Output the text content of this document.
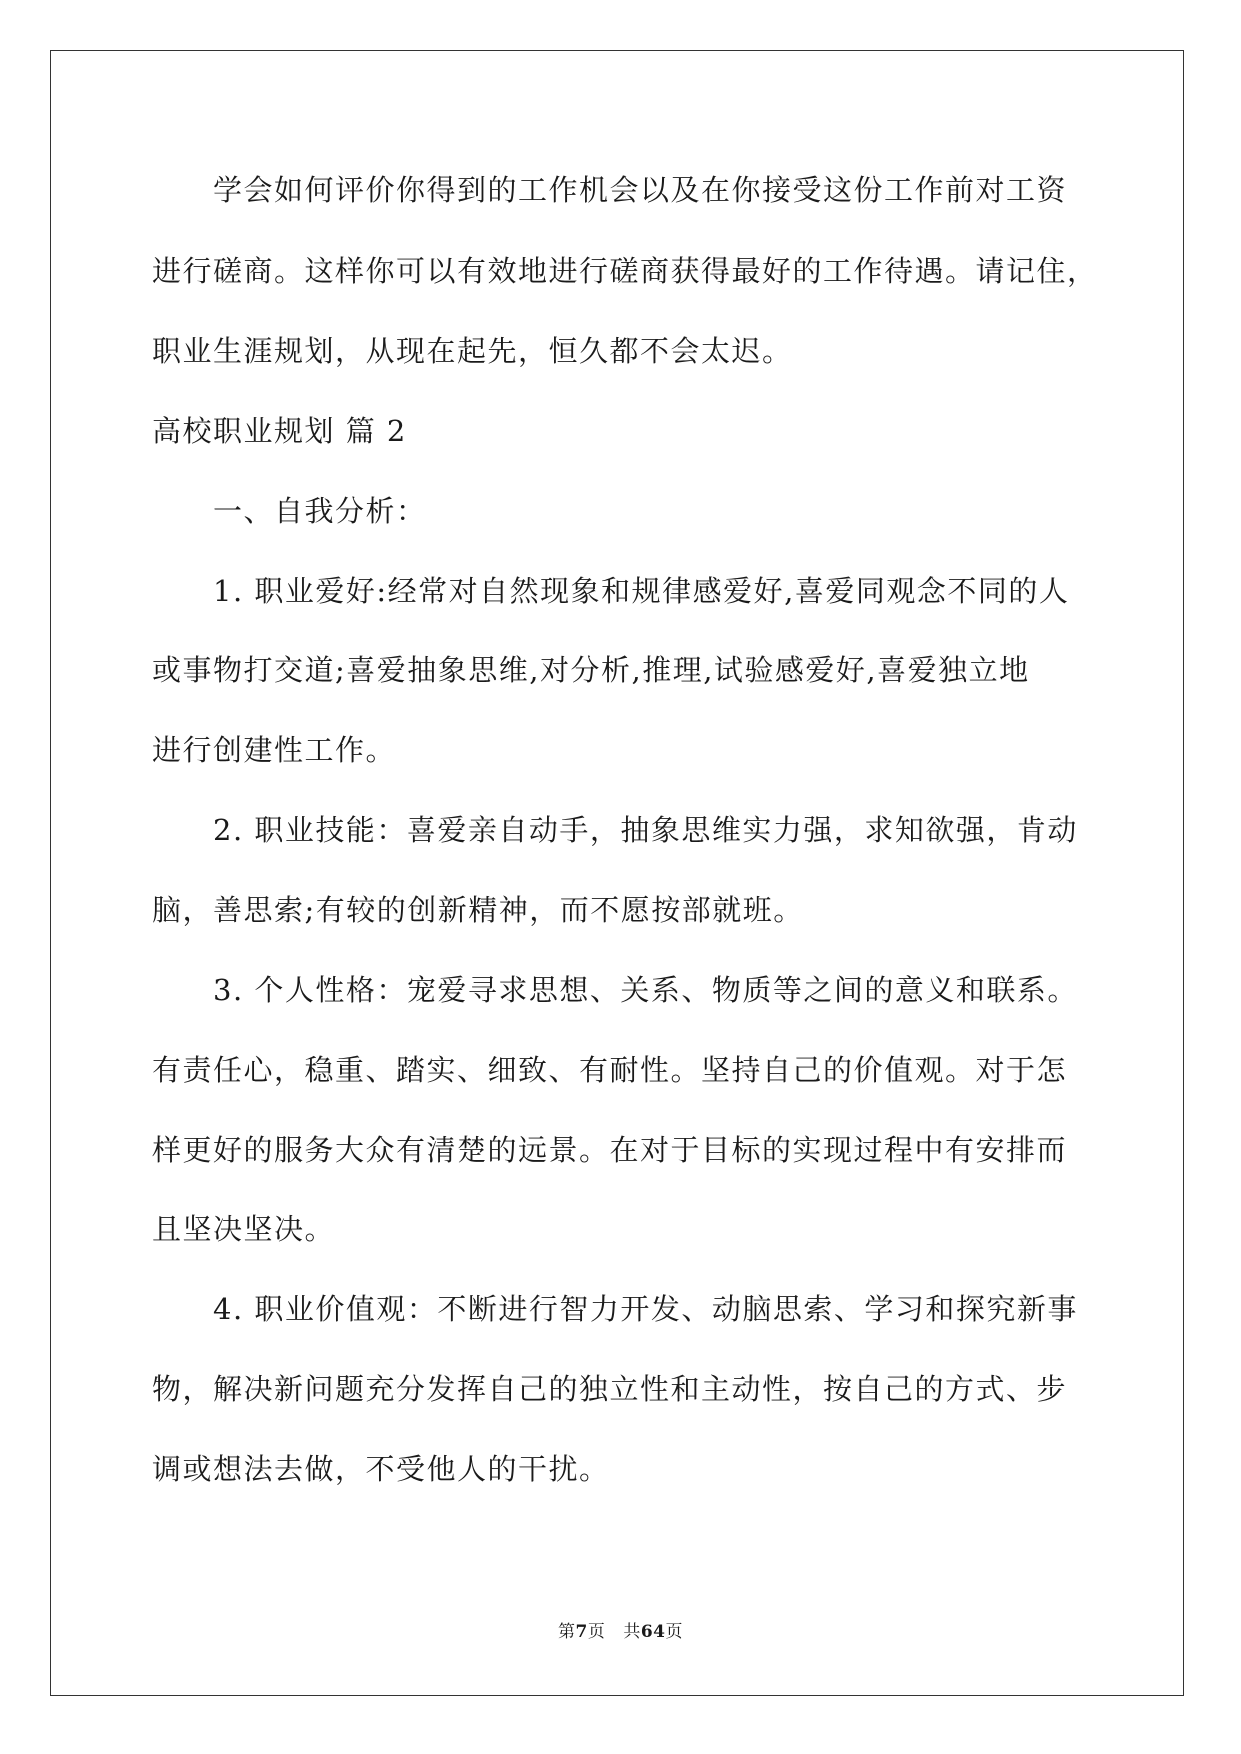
学会如何评价你得到的工作机会以及在你接受这份工作前对工资
进行磋商。这样你可以有效地进行磋商获得最好的工作待遇。请记住，
职业生涯规划，从现在起先，恒久都不会太迟。
高校职业规划 篇 2
一、自我分析：
1. 职业爱好:经常对自然现象和规律感爱好,喜爱同观念不同的人
或事物打交道;喜爱抽象思维,对分析,推理,试验感爱好,喜爱独立地
进行创建性工作。
2. 职业技能：喜爱亲自动手，抽象思维实力强，求知欲强，肯动
脑，善思索;有较的创新精神，而不愿按部就班。
3. 个人性格：宠爱寻求思想、关系、物质等之间的意义和联系。
有责任心，稳重、踏实、细致、有耐性。坚持自己的价值观。对于怎
样更好的服务大众有清楚的远景。在对于目标的实现过程中有安排而
且坚决坚决。
4. 职业价值观：不断进行智力开发、动脑思索、学习和探究新事
物，解决新问题充分发挥自己的独立性和主动性，按自己的方式、步
调或想法去做，不受他人的干扰。
第7页 共64页
